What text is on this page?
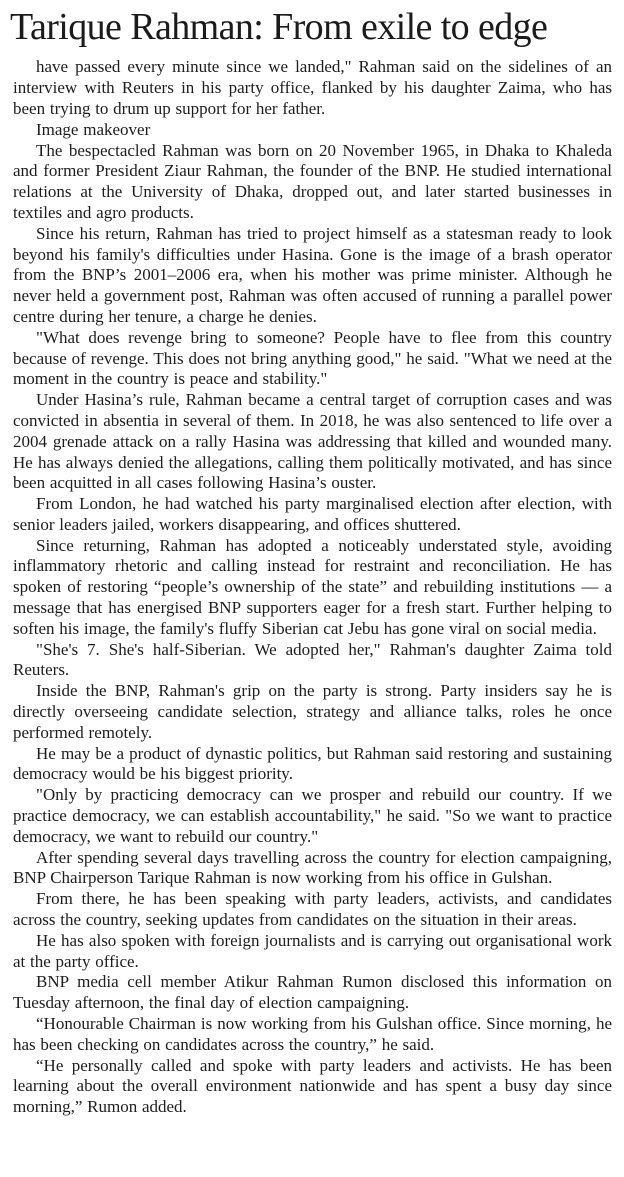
Tarique Rahman: From exile to edge

have passed every minute since we landed," Rahman said on the sidelines of an interview with Reuters in his party office, flanked by his daughter Zaima, who has been trying to drum up support for her father.

Image makeover

The bespectacled Rahman was born on 20 November 1965, in Dhaka to Khaleda and former President Ziaur Rahman, the founder of the BNP. He studied international relations at the University of Dhaka, dropped out, and later started businesses in textiles and agro products.

Since his return, Rahman has tried to project himself as a statesman ready to look beyond his family's difficulties under Hasina. Gone is the image of a brash operator from the BNP’s 2001–2006 era, when his mother was prime minister. Although he never held a government post, Rahman was often accused of running a parallel power centre during her tenure, a charge he denies.

"What does revenge bring to someone? People have to flee from this country because of revenge. This does not bring anything good," he said. "What we need at the moment in the country is peace and stability."

Under Hasina’s rule, Rahman became a central target of corruption cases and was convicted in absentia in several of them. In 2018, he was also sentenced to life over a 2004 grenade attack on a rally Hasina was addressing that killed and wounded many. He has always denied the allegations, calling them politically motivated, and has since been acquitted in all cases following Hasina’s ouster.

From London, he had watched his party marginalised election after election, with senior leaders jailed, workers disappearing, and offices shuttered.

Since returning, Rahman has adopted a noticeably understated style, avoiding inflammatory rhetoric and calling instead for restraint and reconciliation. He has spoken of restoring “people’s ownership of the state” and rebuilding institutions — a message that has energised BNP supporters eager for a fresh start. Further helping to soften his image, the family's fluffy Siberian cat Jebu has gone viral on social media.

"She's 7. She's half-Siberian. We adopted her," Rahman's daughter Zaima told Reuters.

Inside the BNP, Rahman's grip on the party is strong. Party insiders say he is directly overseeing candidate selection, strategy and alliance talks, roles he once performed remotely.

He may be a product of dynastic politics, but Rahman said restoring and sustaining democracy would be his biggest priority.

"Only by practicing democracy can we prosper and rebuild our country. If we practice democracy, we can establish accountability," he said. "So we want to practice democracy, we want to rebuild our country."

After spending several days travelling across the country for election campaigning, BNP Chairperson Tarique Rahman is now working from his office in Gulshan.

From there, he has been speaking with party leaders, activists, and candidates across the country, seeking updates from candidates on the situation in their areas.

He has also spoken with foreign journalists and is carrying out organisational work at the party office.

BNP media cell member Atikur Rahman Rumon disclosed this information on Tuesday afternoon, the final day of election campaigning.

“Honourable Chairman is now working from his Gulshan office. Since morning, he has been checking on candidates across the country,” he said.

“He personally called and spoke with party leaders and activists. He has been learning about the overall environment nationwide and has spent a busy day since morning,” Rumon added.
